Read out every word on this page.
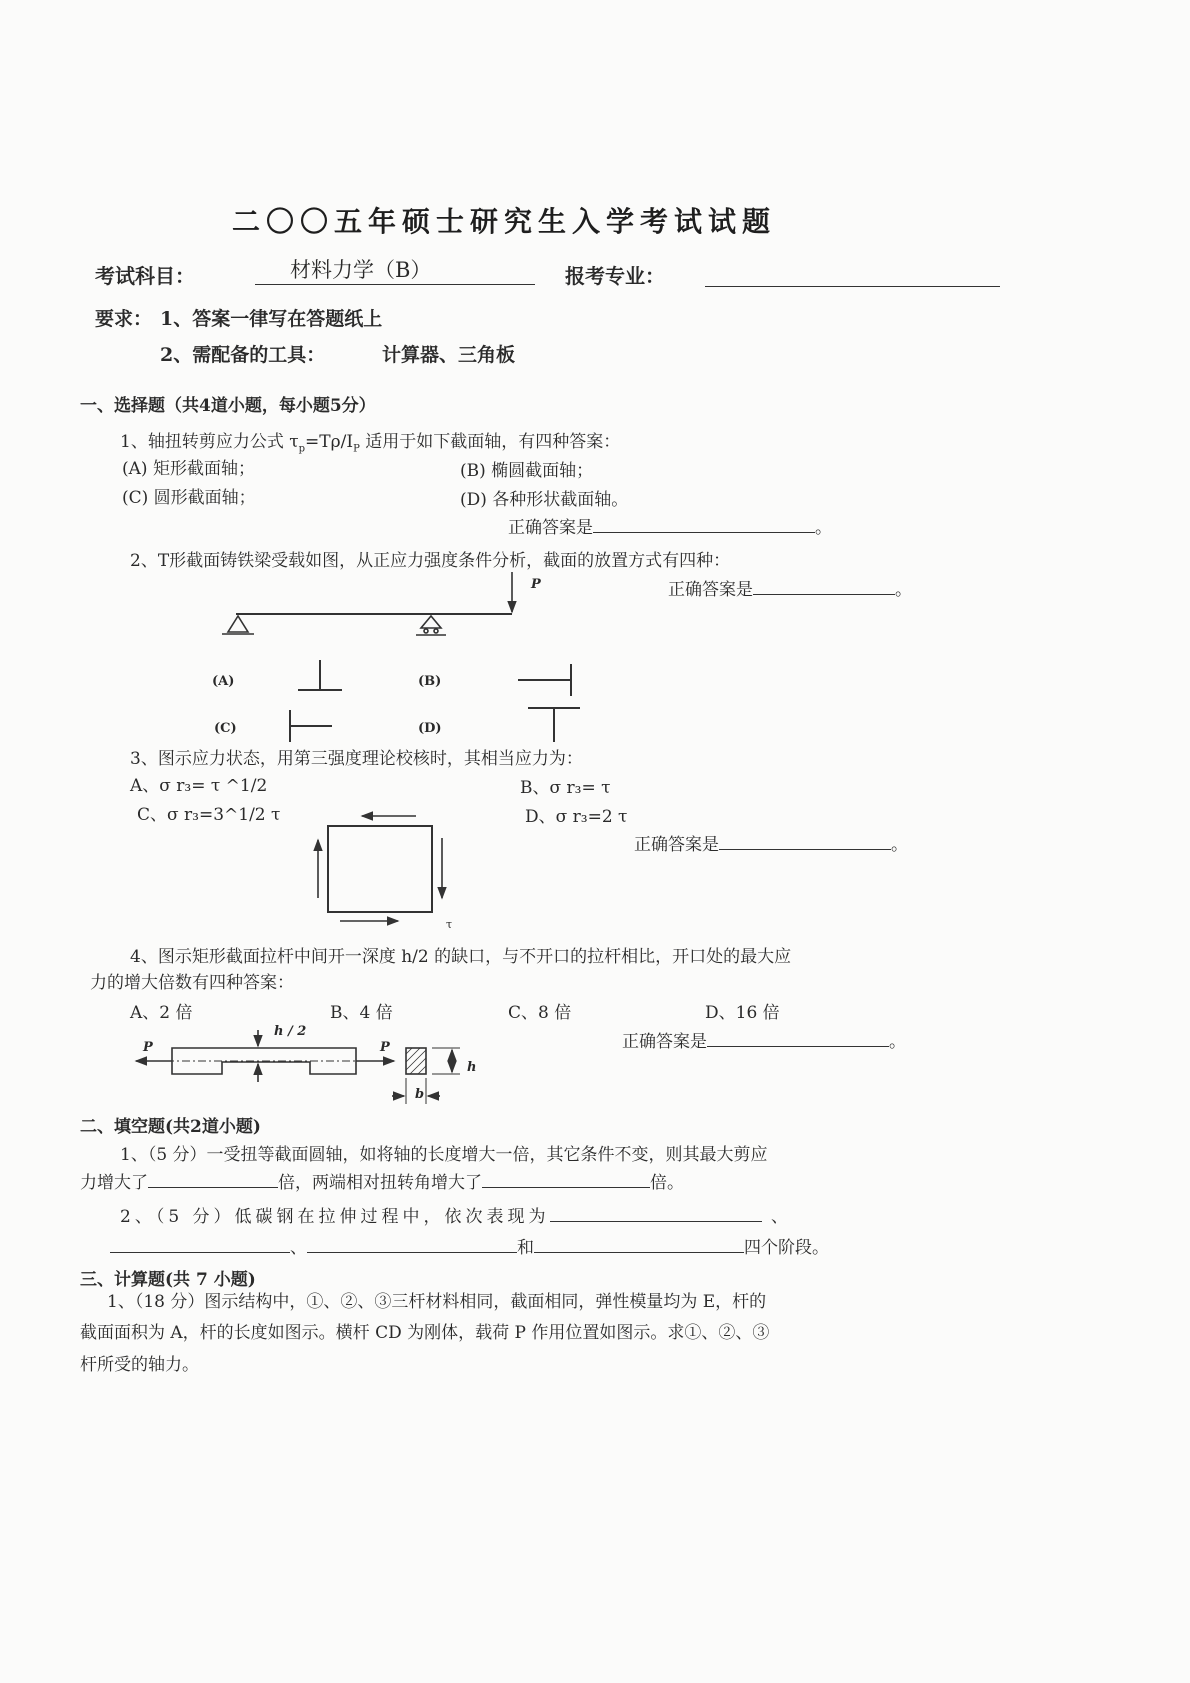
二〇〇五年硕士研究生入学考试试题
考试科目：	材料力学（B）	报考专业：
要求： 1、答案一律写在答题纸上
2、需配备的工具：	计算器、三角板
一、选择题（共4道小题，每小题5分）
1、轴扭转剪应力公式 $\tau_p=T\rho/I_P$ 适用于如下截面轴，有四种答案：
(A) 矩形截面轴；	(B) 椭圆截面轴；
(C) 圆形截面轴；	(D) 各种形状截面轴。
正确答案是	。
2、T形截面铸铁梁受载如图，从正应力强度条件分析，截面的放置方式有四种：
P	正确答案是	。
(A)	(B)
(C)	(D)
3、图示应力状态，用第三强度理论校核时，其相当应力为：
A、σ r₃= τ ^1/2	B、σ r₃= τ
C、σ r₃=3^1/2 τ	D、σ r₃=2 τ
正确答案是	。
τ
4、图示矩形截面拉杆中间开一深度 h/2 的缺口，与不开口的拉杆相比，开口处的最大应
力的增大倍数有四种答案：
A、2 倍	B、4 倍	C、8 倍	D、16 倍
正确答案是	。
h / 2
P	P
h
b
二、填空题(共2道小题)
1、（5 分）一受扭等截面圆轴，如将轴的长度增大一倍，其它条件不变，则其最大剪应
力增大了	倍，两端相对扭转角增大了	倍。
2、（5 分）低碳钢在拉伸过程中，依次表现为	、
、	和	四个阶段。
三、计算题(共 7 小题)
1、（18 分）图示结构中，①、②、③三杆材料相同，截面相同，弹性模量均为 E，杆的
截面面积为 A，杆的长度如图示。横杆 CD 为刚体，载荷 P 作用位置如图示。求①、②、③
杆所受的轴力。
